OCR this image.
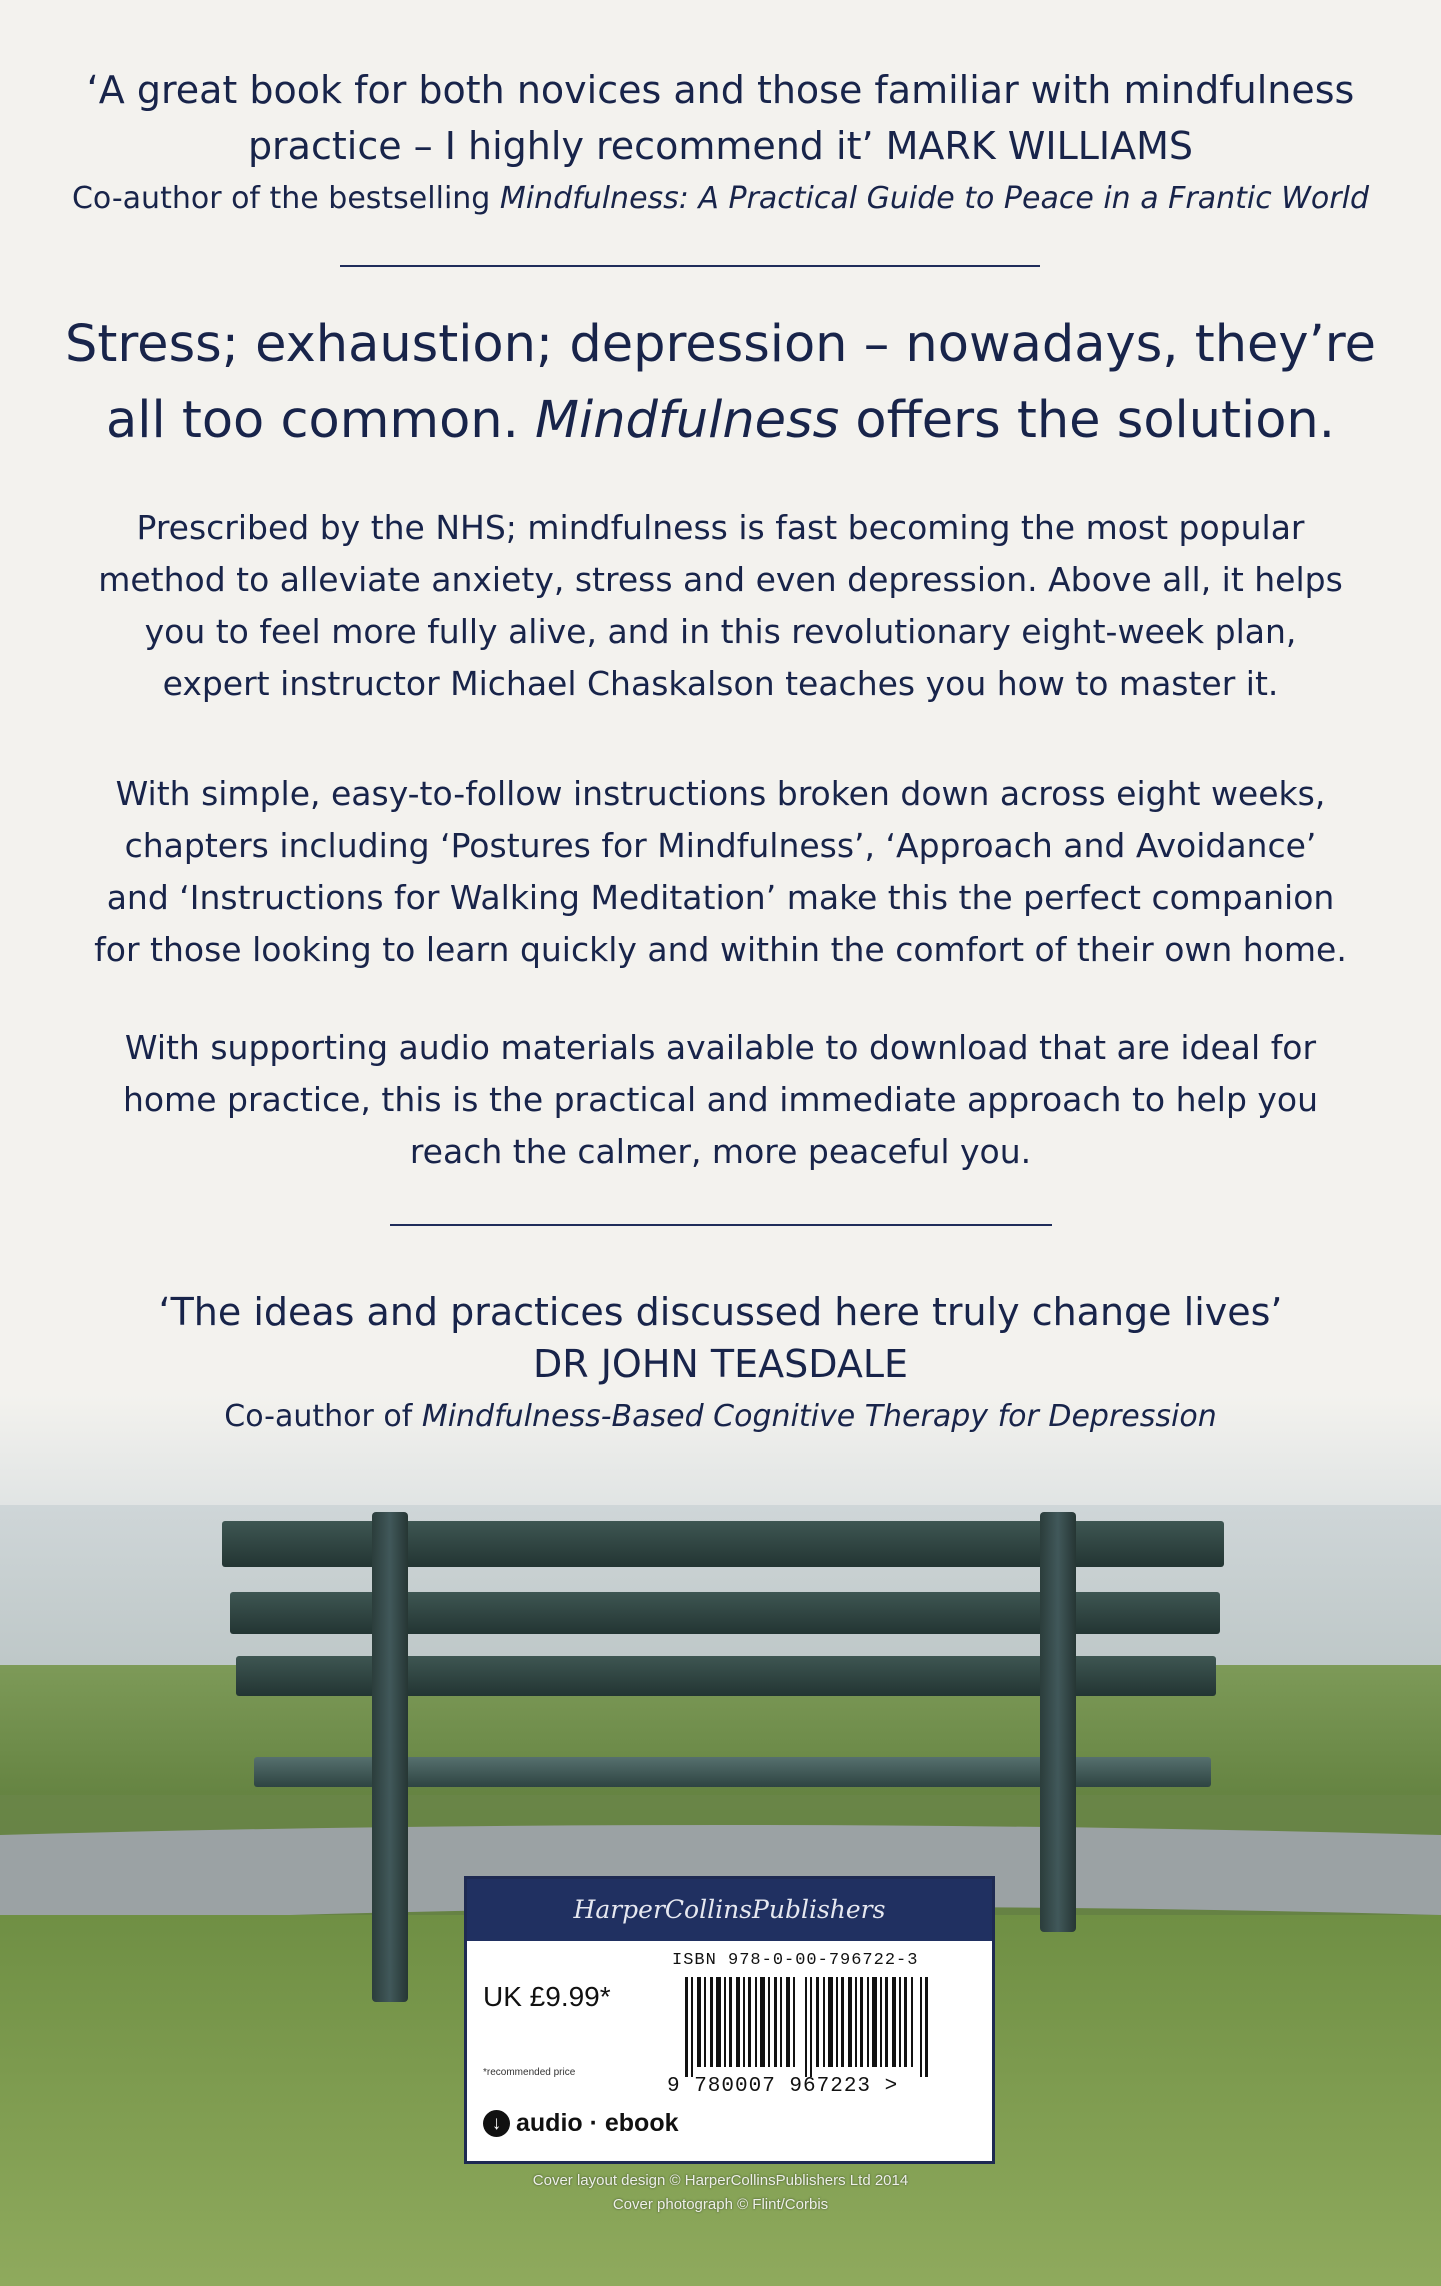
‘A great book for both novices and those familiar with mindfulness
practice – I highly recommend it’ MARK WILLIAMS
Co-author of the bestselling Mindfulness: A Practical Guide to Peace in a Frantic World
Stress; exhaustion; depression – nowadays, they’re
all too common. Mindfulness offers the solution.
Prescribed by the NHS; mindfulness is fast becoming the most popular
method to alleviate anxiety, stress and even depression. Above all, it helps
you to feel more fully alive, and in this revolutionary eight-week plan,
expert instructor Michael Chaskalson teaches you how to master it.
With simple, easy-to-follow instructions broken down across eight weeks,
chapters including ‘Postures for Mindfulness’, ‘Approach and Avoidance’
and ‘Instructions for Walking Meditation’ make this the perfect companion
for those looking to learn quickly and within the comfort of their own home.
With supporting audio materials available to download that are ideal for
home practice, this is the practical and immediate approach to help you
reach the calmer, more peaceful you.
‘The ideas and practices discussed here truly change lives’
DR JOHN TEASDALE
Co-author of Mindfulness-Based Cognitive Therapy for Depression
HarperCollinsPublishers
ISBN 978-0-00-796722-3
UK £9.99*
*recommended price
9 780007 967223 >
↓ audio · ebook
Cover layout design © HarperCollinsPublishers Ltd 2014
Cover photograph © Flint/Corbis
